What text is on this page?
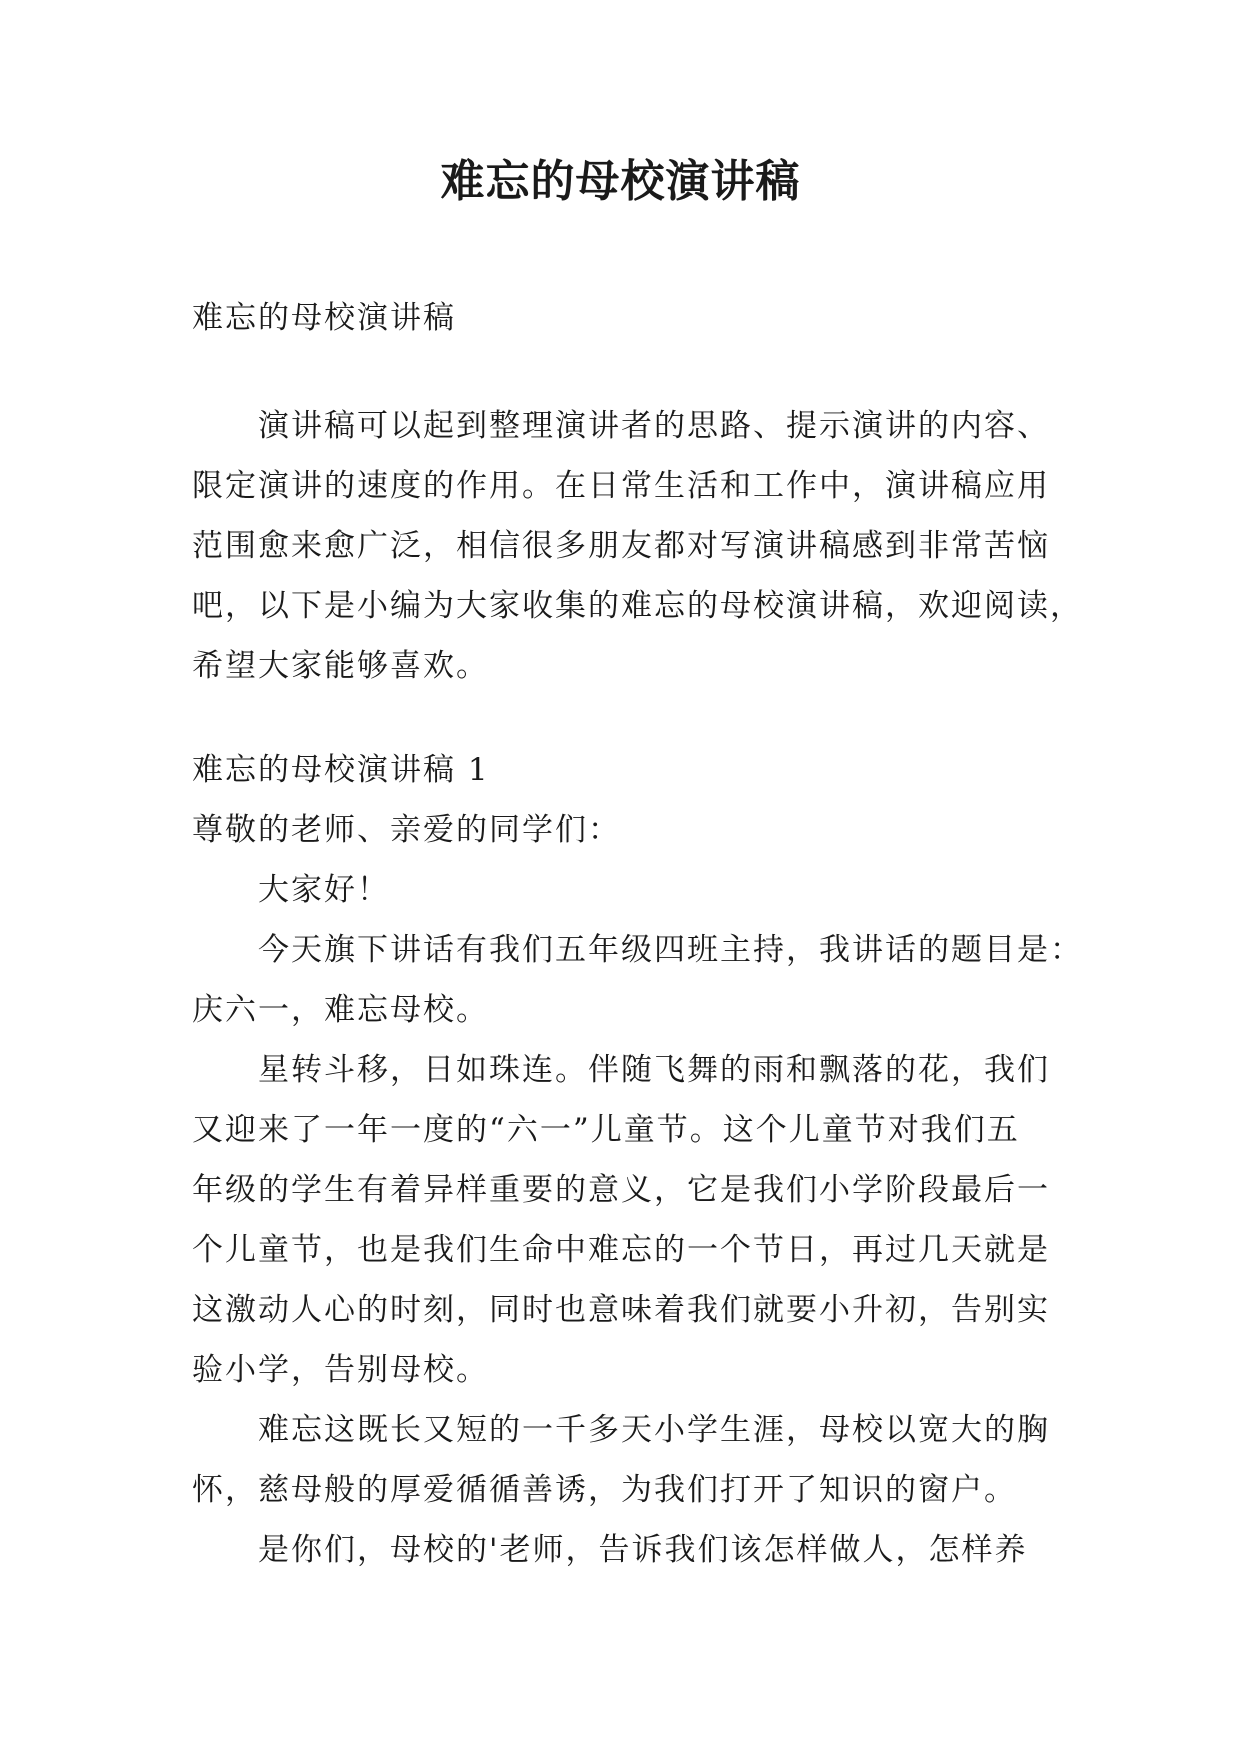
难忘的母校演讲稿
难忘的母校演讲稿
演讲稿可以起到整理演讲者的思路、提示演讲的内容、
限定演讲的速度的作用。在日常生活和工作中，演讲稿应用
范围愈来愈广泛，相信很多朋友都对写演讲稿感到非常苦恼
吧，以下是小编为大家收集的难忘的母校演讲稿，欢迎阅读，
希望大家能够喜欢。
难忘的母校演讲稿 1
尊敬的老师、亲爱的同学们：
大家好！
今天旗下讲话有我们五年级四班主持，我讲话的题目是：
庆六一，难忘母校。
星转斗移，日如珠连。伴随飞舞的雨和飘落的花，我们
又迎来了一年一度的“六一”儿童节。这个儿童节对我们五
年级的学生有着异样重要的意义，它是我们小学阶段最后一
个儿童节，也是我们生命中难忘的一个节日，再过几天就是
这激动人心的时刻，同时也意味着我们就要小升初，告别实
验小学，告别母校。
难忘这既长又短的一千多天小学生涯，母校以宽大的胸
怀，慈母般的厚爱循循善诱，为我们打开了知识的窗户。
是你们，母校的'老师，告诉我们该怎样做人，怎样养
